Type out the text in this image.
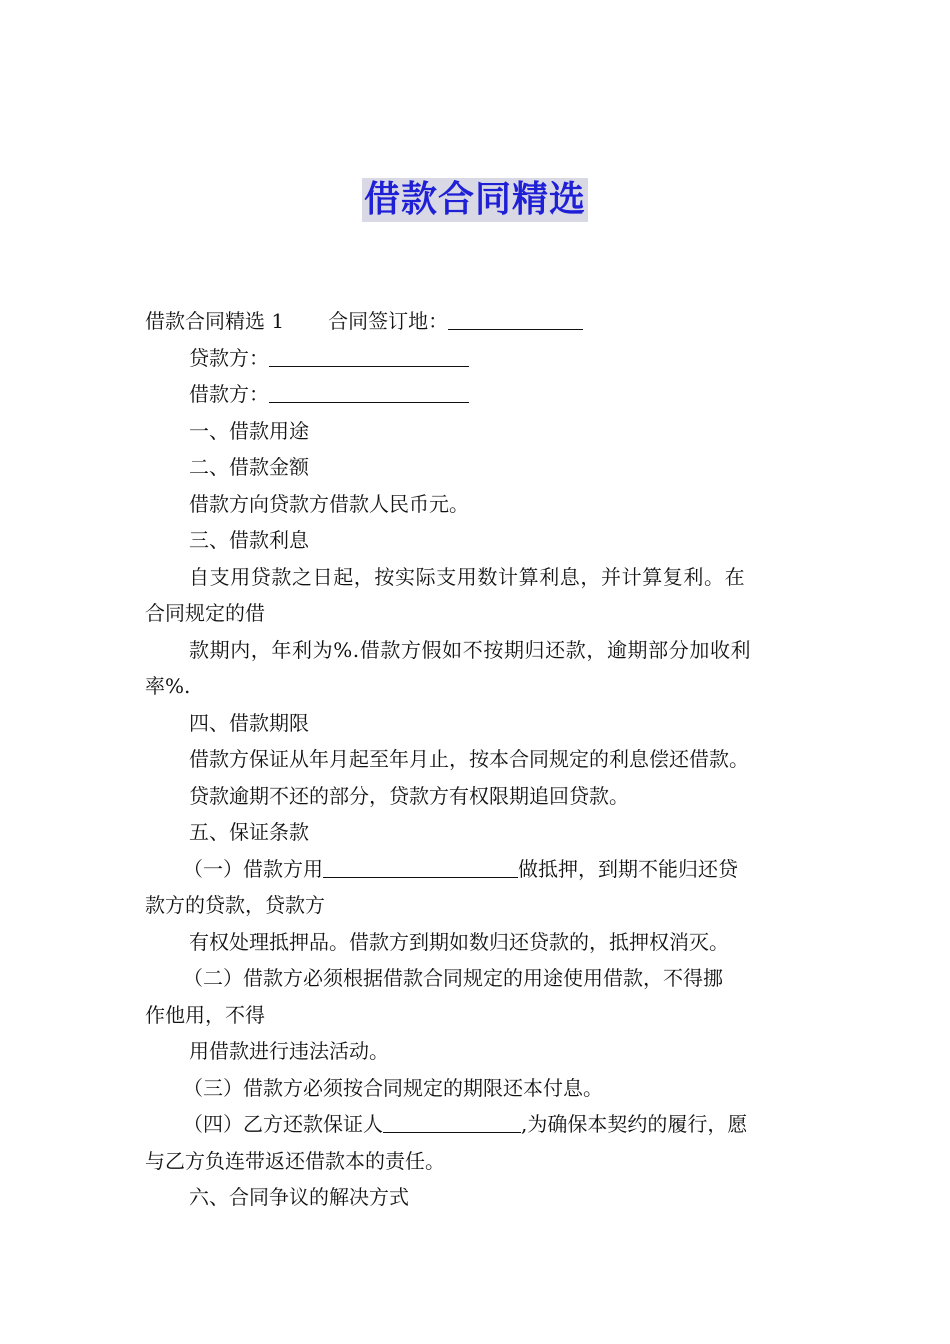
借款合同精选
借款合同精选 1 合同签订地：
贷款方：
借款方：
一、借款用途
二、借款金额
借款方向贷款方借款人民币元。
三、借款利息
自支用贷款之日起，按实际支用数计算利息，并计算复利。在
合同规定的借
款期内，年利为%.借款方假如不按期归还款，逾期部分加收利
率%.
四、借款期限
借款方保证从年月起至年月止，按本合同规定的利息偿还借款。
贷款逾期不还的部分，贷款方有权限期追回贷款。
五、保证条款
（一）借款方用	做抵押，到期不能归还贷
款方的贷款，贷款方
有权处理抵押品。借款方到期如数归还贷款的，抵押权消灭。
（二）借款方必须根据借款合同规定的用途使用借款，不得挪
作他用，不得
用借款进行违法活动。
（三）借款方必须按合同规定的期限还本付息。
（四）乙方还款保证人	,为确保本契约的履行，愿
与乙方负连带返还借款本的责任。
六、合同争议的解决方式
